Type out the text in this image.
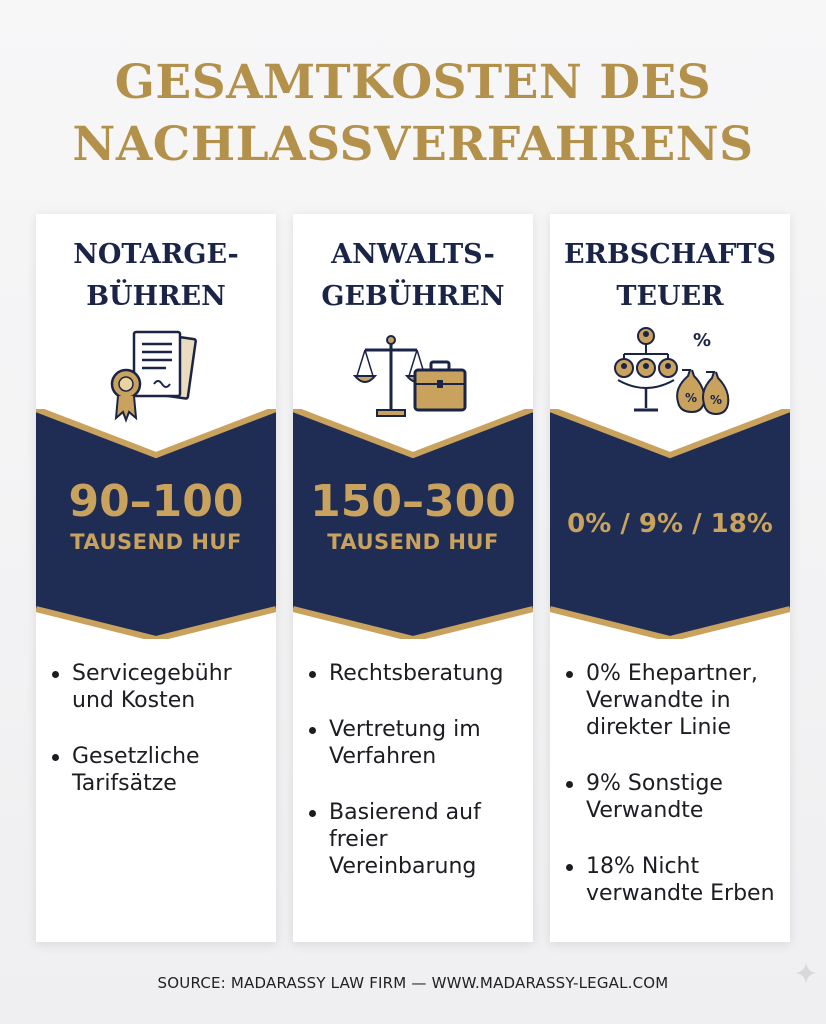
GESAMTKOSTEN DES
NACHLASSVERFAHRENS
NOTARGE-
BÜHREN
90–100
TAUSEND HUF
Servicegebühr und Kosten
Gesetzliche Tarifsätze
ANWALTS-
GEBÜHREN
150–300
TAUSEND HUF
Rechtsberatung
Vertretung im Verfahren
Basierend auf freier Vereinbarung
ERBSCHAFTS
TEUER
%
% %
0% / 9% / 18%
0% Ehepartner, Verwandte in direkter Linie
9% Sonstige Verwandte
18% Nicht verwandte Erben
SOURCE: MADARASSY LAW FIRM — WWW.MADARASSY-LEGAL.COM
